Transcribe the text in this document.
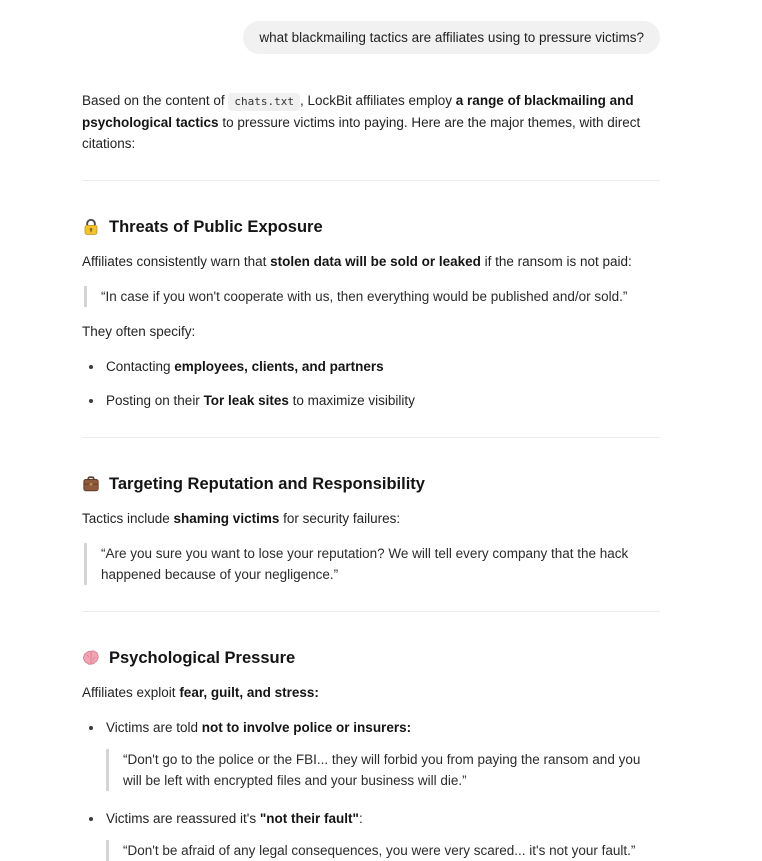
what blackmailing tactics are affiliates using to pressure victims?

Based on the content of chats.txt , LockBit affiliates employ a range of blackmailing and psychological tactics to pressure victims into paying. Here are the major themes, with direct citations:

Threats of Public Exposure

Affiliates consistently warn that stolen data will be sold or leaked if the ransom is not paid:

“In case if you won't cooperate with us, then everything would be published and/or sold.”

They often specify:

Contacting employees, clients, and partners
Posting on their Tor leak sites to maximize visibility
Targeting Reputation and Responsibility

Tactics include shaming victims for security failures:

“Are you sure you want to lose your reputation? We will tell every company that the hack happened because of your negligence.”
Psychological Pressure

Affiliates exploit fear, guilt, and stress:

Victims are told not to involve police or insurers:
“Don't go to the police or the FBI... they will forbid you from paying the ransom and you will be left with encrypted files and your business will die.”
Victims are reassured it's "not their fault":
“Don't be afraid of any legal consequences, you were very scared... it's not your fault.”
